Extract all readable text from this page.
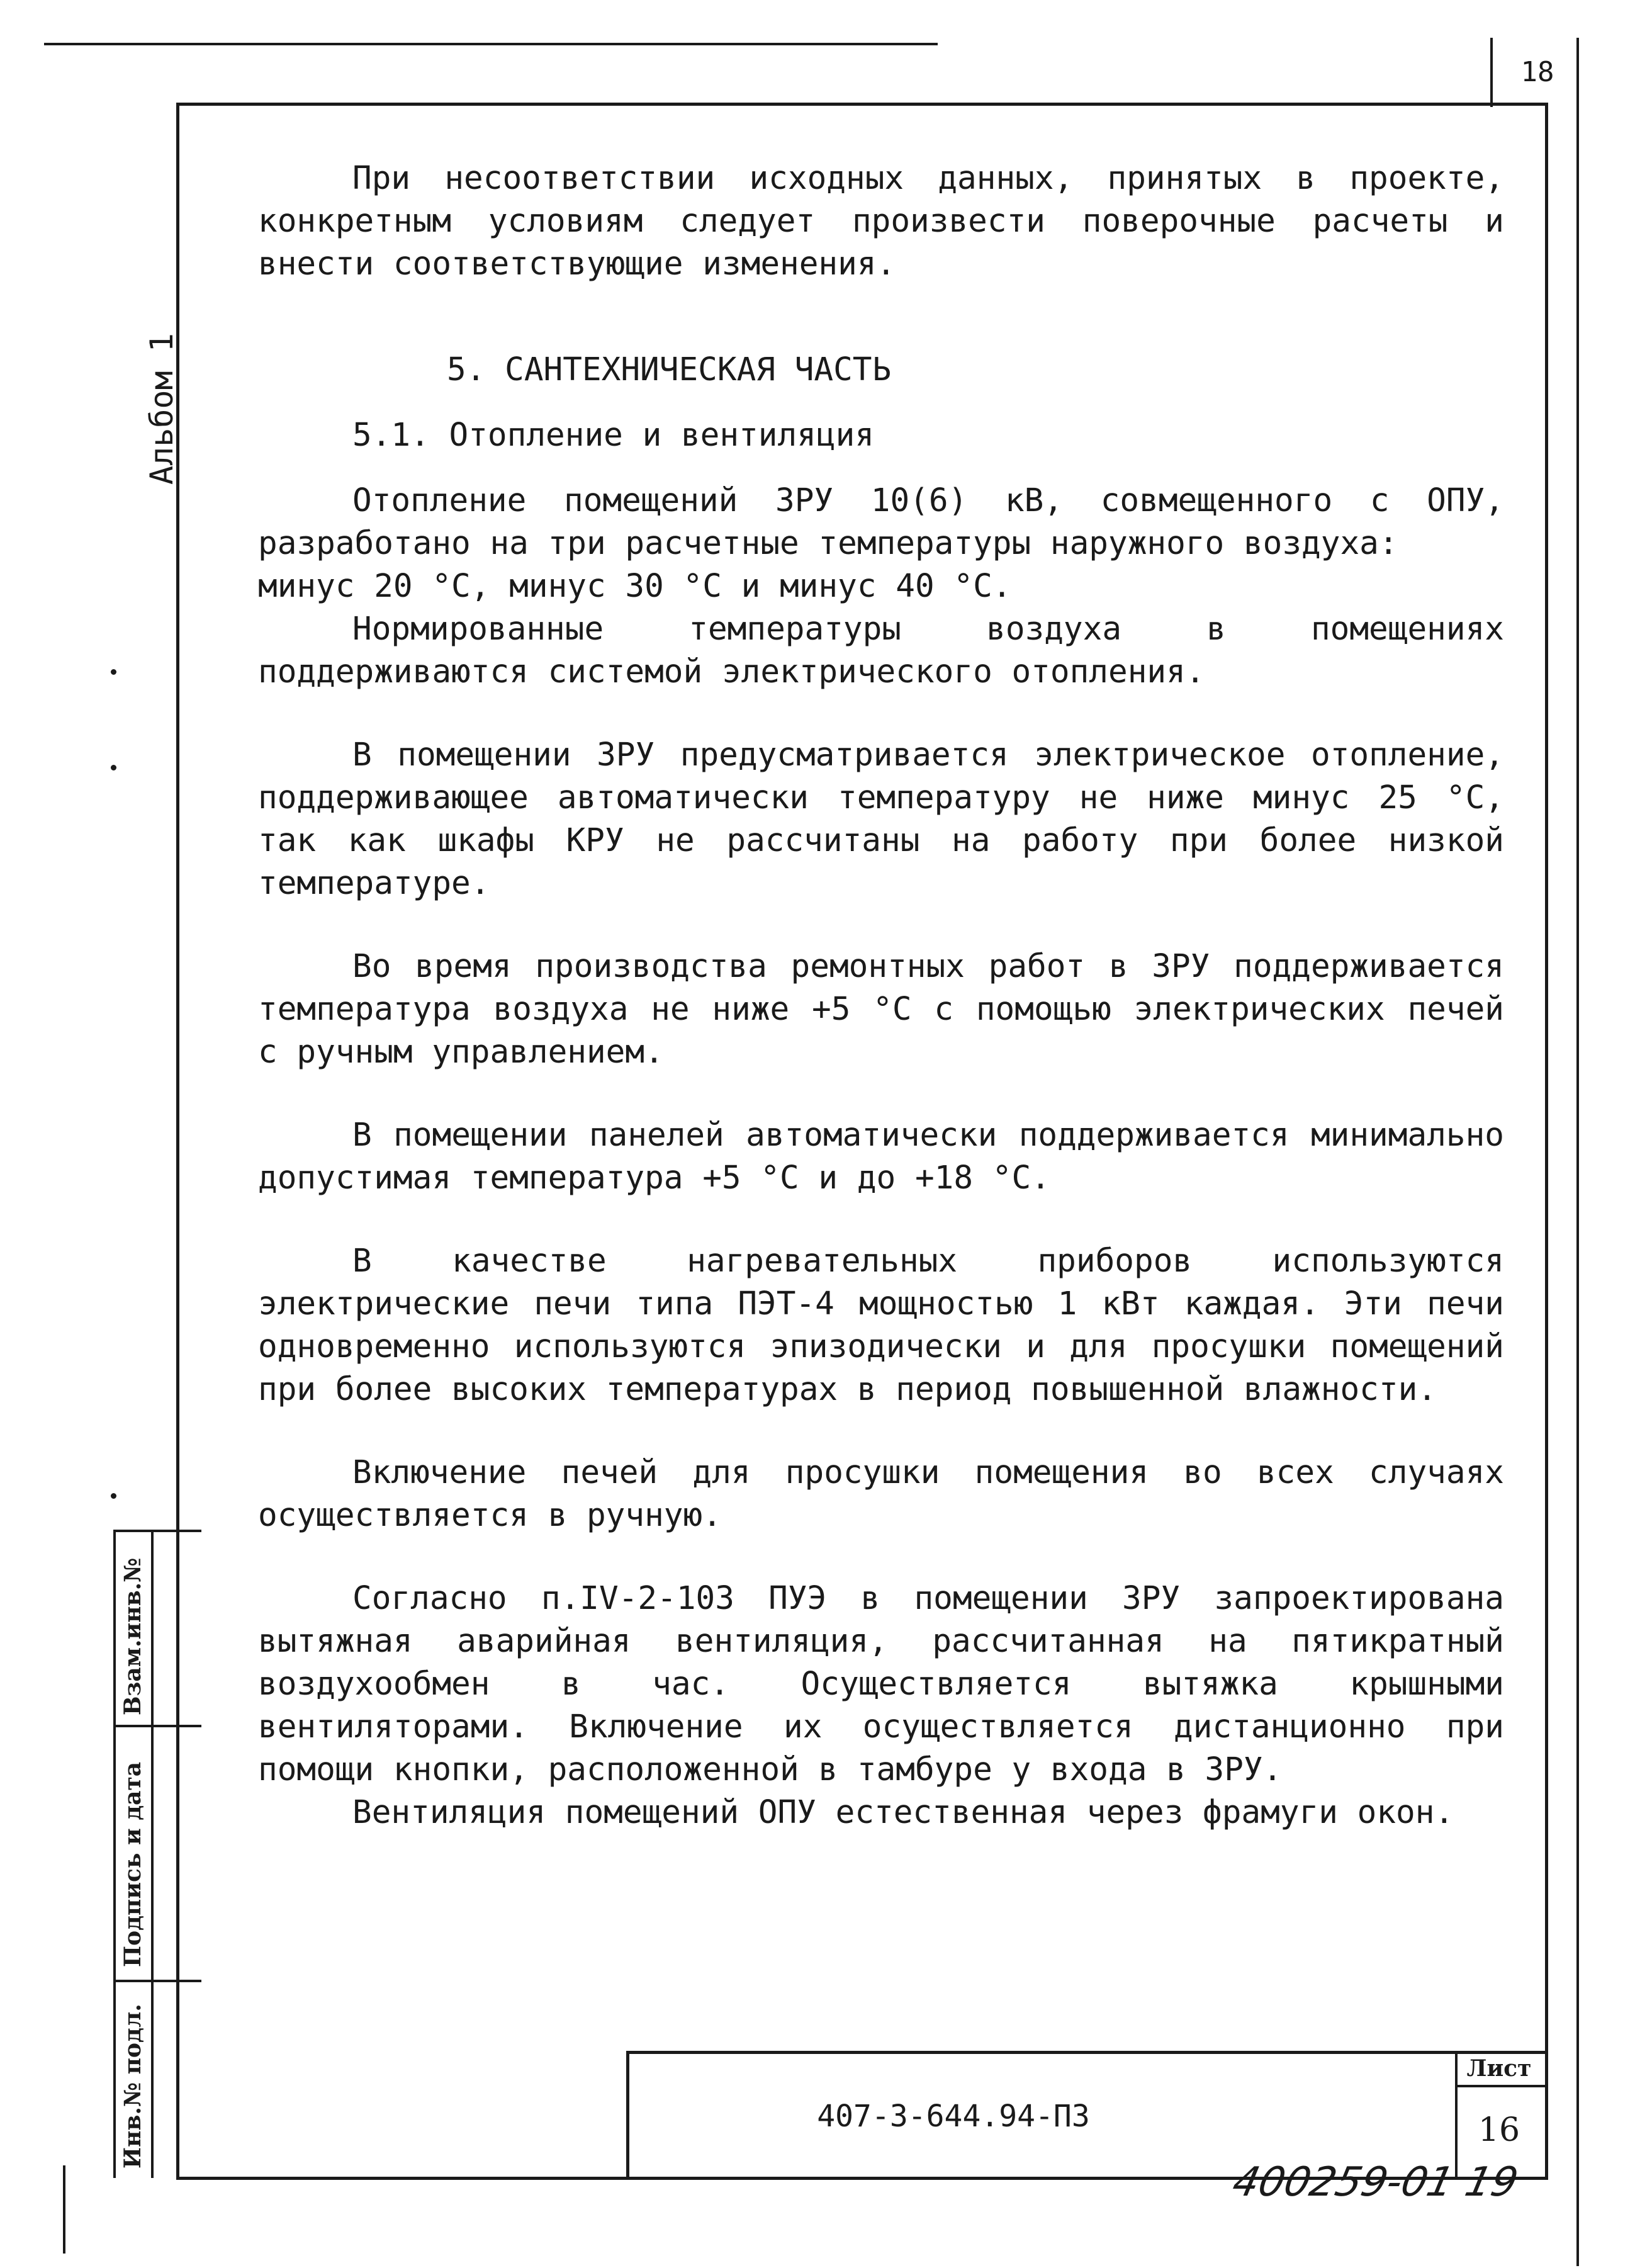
18
Альбом 1
Взам.инв.№
Подпись и дата
Инв.№ подл.

При несоответствии исходных данных, принятых в проекте, конкретным условиям следует произвести поверочные расчеты и внести соответствующие изменения.

5. САНТЕХНИЧЕСКАЯ ЧАСТЬ

5.1. Отопление и вентиляция

Отопление помещений ЗРУ 10(6) кВ, совмещенного с ОПУ, разработано на три расчетные температуры наружного воздуха:

минус 20 °С, минус 30 °С и минус 40 °С.

Нормированные температуры воздуха в помещениях поддерживаются системой электрического отопления.

В помещении ЗРУ предусматривается электрическое отопление, поддерживающее автоматически температуру не ниже минус 25 °С, так как шкафы КРУ не рассчитаны на работу при более низкой температуре.

Во время производства ремонтных работ в ЗРУ поддерживается температура воздуха не ниже +5 °С с помощью электрических печей с ручным управлением.

В помещении панелей автоматически поддерживается минимально допустимая температура +5 °С и до +18 °С.

В качестве нагревательных приборов используются электрические печи типа ПЭТ-4 мощностью 1 кВт каждая. Эти печи одновременно используются эпизодически и для просушки помещений при более высоких температурах в период повышенной влажности.

Включение печей для просушки помещения во всех случаях осуществляется в ручную.

Согласно п.IV-2-103 ПУЭ в помещении ЗРУ запроектирована вытяжная аварийная вентиляция, рассчитанная на пятикратный воздухообмен в час. Осуществляется вытяжка крышными вентиляторами. Включение их осуществляется дистанционно при помощи кнопки, расположенной в тамбуре у входа в ЗРУ.

Вентиляция помещений ОПУ естественная через фрамуги окон.

407-3-644.94-ПЗ
Лист
16
400259-01 19
